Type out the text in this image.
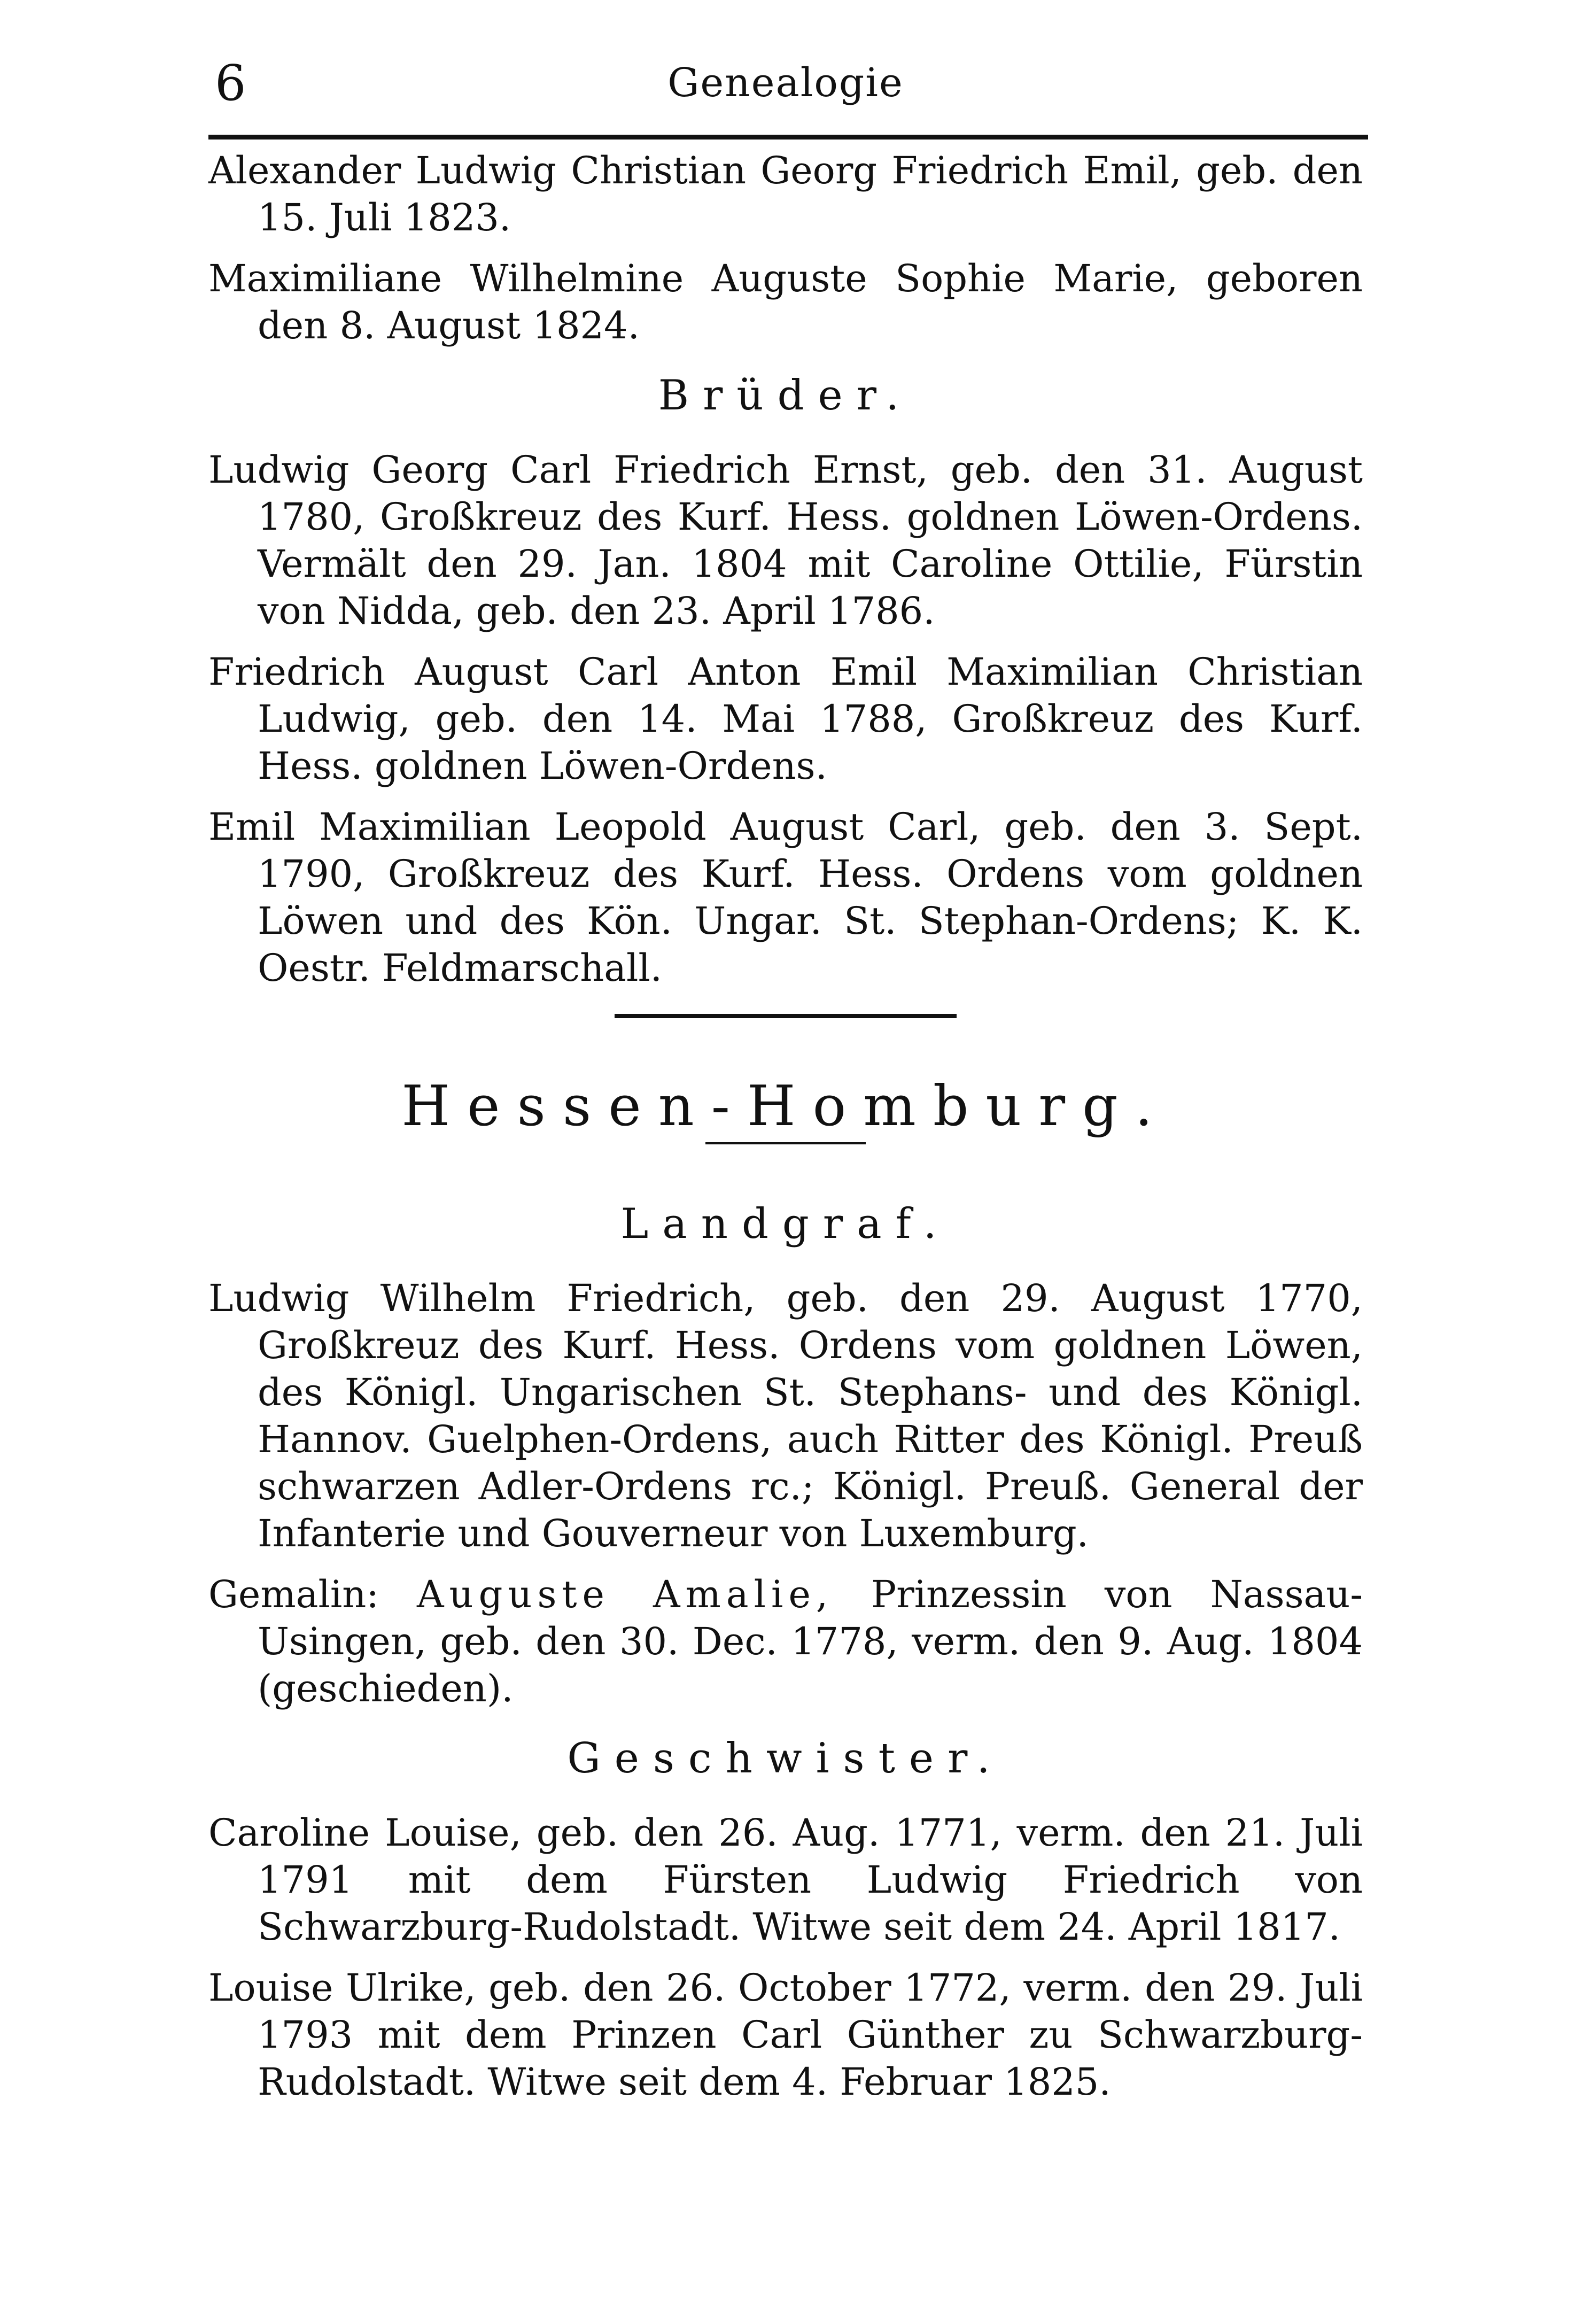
6	Genealogie

Alexander Ludwig Christian Georg Friedrich Emil, geb. den 15. Juli 1823.

Maximiliane Wilhelmine Auguste Sophie Marie, geboren den 8. August 1824.

Brüder.

Ludwig Georg Carl Friedrich Ernst, geb. den 31. August 1780, Großkreuz des Kurf. Hess. goldnen Löwen-Ordens. Vermält den 29. Jan. 1804 mit Caroline Ottilie, Fürstin von Nidda, geb. den 23. April 1786.

Friedrich August Carl Anton Emil Maximilian Christian Ludwig, geb. den 14. Mai 1788, Großkreuz des Kurf. Hess. goldnen Löwen-Ordens.

Emil Maximilian Leopold August Carl, geb. den 3. Sept. 1790, Großkreuz des Kurf. Hess. Ordens vom goldnen Löwen und des Kön. Ungar. St. Stephan-Ordens; K. K. Oestr. Feldmarschall.

Hessen-Homburg.
Landgraf.

Ludwig Wilhelm Friedrich, geb. den 29. August 1770, Großkreuz des Kurf. Hess. Ordens vom goldnen Löwen, des Königl. Ungarischen St. Stephans- und des Königl. Hannov. Guelphen-Ordens, auch Ritter des Königl. Preuß schwarzen Adler-Ordens rc.; Königl. Preuß. General der Infanterie und Gouverneur von Luxemburg.

Gemalin: Auguste Amalie, Prinzessin von Nassau-Usingen, geb. den 30. Dec. 1778, verm. den 9. Aug. 1804 (geschieden).

Geschwister.

Caroline Louise, geb. den 26. Aug. 1771, verm. den 21. Juli 1791 mit dem Fürsten Ludwig Friedrich von Schwarzburg-Rudolstadt. Witwe seit dem 24. April 1817.

Louise Ulrike, geb. den 26. October 1772, verm. den 29. Juli 1793 mit dem Prinzen Carl Günther zu Schwarzburg-Rudolstadt. Witwe seit dem 4. Februar 1825.
